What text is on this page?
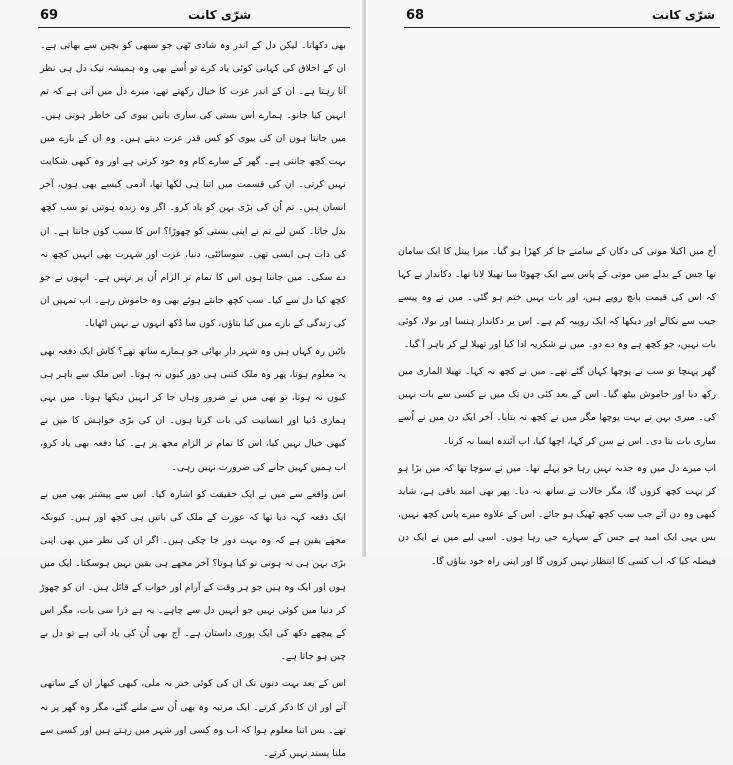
69	شرّی کانت

بھی دکھاتا۔ لیکن دل کے اندر وہ شادی ٹھی جو سبھی کو بچپن سے بھاتی ہے۔ ان کے اخلاق کی کہانی کوئی یاد کرے تو اُسے بھی وہ ہمیشہ نیک دل ہی نظر آتا رہتا ہے۔ ان کے اندر عزت کا خیال رکھتے تھے، میرے دل میں آتی ہے کہ تم انہیں کیا جانو۔ ہمارے اس بستی کی ساری باتیں بیوی کی خاطر ہوتی ہیں۔ میں جانتا ہوں ان کی بیوی کو کس قدر عزت دیتے ہیں۔ وہ ان کے بارے میں بہت کچھ جانتی ہے۔ گھر کے سارے کام وہ خود کرتی ہے اور وہ کبھی شکایت نہیں کرتی۔ ان کی قسمت میں اتنا ہی لکھا تھا، آدمی کیسے بھی ہوں، آخر انسان ہیں۔ تم اُن کی بڑی بہن کو یاد کرو۔ اگر وہ زندہ ہوتیں تو سب کچھ بدل جاتا۔ کس لیے تم نے اپنی بستی کو چھوڑا؟ اس کا سبب کون جانتا ہے۔ ان کی ذات ہی ایسی تھی۔ سوسائٹی، دنیا، عزت اور شہرت بھی انہیں کچھ نہ دے سکی۔ میں جانتا ہوں اس کا تمام تر الزام اُن پر نہیں ہے۔ انہوں نے جو کچھ کیا دل سے کیا۔ سب کچھ جانتے ہوئے بھی وہ خاموش رہے۔ اب تمہیں ان کی زندگی کے بارے میں کیا بتاؤں، کون سا دُکھ انہوں نے نہیں اٹھایا۔

بائیں رہ کہاں ہیں وہ شہر دار بھائی جو ہمارے ساتھ تھے؟ کاش ایک دفعہ بھی یہ معلوم ہوتا، پھر وہ ملک کتنی ہی دور کیوں نہ ہوتا۔ اس ملک سے باہر ہی کیوں نہ ہوتا، تو بھی میں نے ضرور وہاں جا کر انہیں دیکھا ہوتا۔ میں یہی ہماری دُنیا اور انسانیت کی بات کرتا ہوں۔ ان کی بڑی خواہش کا میں نے کبھی خیال نہیں کیا، اس کا تمام تر الزام مجھ پر ہے۔ کیا دفعہ بھی یاد کرو، اب ہمیں کہیں جانے کی ضرورت نہیں رہی۔

اس واقعے سے میں نے ایک حقیقت کو اشارہ کیا۔ اس سے پیشتر بھی میں نے ایک دفعہ کہہ دیا تھا کہ عورت کے ملک کی باتیں ہی کچھ اور ہیں۔ کیونکہ مجھے یقین ہے کہ وہ بہت دور جا چکی ہیں۔ اگر ان کی نظر میں بھی اپنی بڑی بہن ہی نہ ہوتی تو کیا ہوتا؟ آخر مجھے ہی یقین نہیں ہوسکتا۔ ایک میں ہوں اور ایک وہ ہیں جو ہر وقت کے آرام اور خواب کے قائل ہیں۔ ان کو چھوڑ کر دنیا میں کوئی نہیں جو انہیں دل سے چاہے۔ یہ ہے ذرا سی بات، مگر اس کے پیچھے دکھ کی ایک پوری داستان ہے۔ آج بھی اُن کی یاد آتی ہے تو دل بے چین ہو جاتا ہے۔

اس کے بعد بہت دنوں تک ان کی کوئی خبر نہ ملی، کبھی کبھار ان کے ساتھی آتے اور ان کا ذکر کرتے۔ ایک مرتبہ وہ بھی اُن سے ملنے گئے، مگر وہ گھر پر نہ تھے۔ بس اتنا معلوم ہوا کہ اب وہ کسی اور شہر میں رہتے ہیں اور کسی سے ملنا پسند نہیں کرتے۔

68	شرّی کانت

آج میں اکیلا موتی کی دکان کے سامنے جا کر کھڑا ہو گیا۔ میرا پیتل کا ایک سامان تھا جس کے بدلے میں موتی کے پاس سے ایک چھوٹا سا تھیلا لانا تھا۔ دکاندار نے کہا کہ اس کی قیمت پانچ روپے ہیں، اور بات یہیں ختم ہو گئی۔ میں نے وہ پیسے جیب سے نکالے اور دیکھا کہ ایک روپیہ کم ہے۔ اس پر دکاندار ہنسا اور بولا، کوئی بات نہیں، جو کچھ ہے وہ دے دو۔ میں نے شکریہ ادا کیا اور تھیلا لے کر باہر آ گیا۔

گھر پہنچا تو سب نے پوچھا کہاں گئے تھے۔ میں نے کچھ نہ کہا۔ تھیلا الماری میں رکھ دیا اور خاموش بیٹھ گیا۔ اس کے بعد کئی دن تک میں نے کسی سے بات نہیں کی۔ میری بہن نے بہت پوچھا مگر میں نے کچھ نہ بتایا۔ آخر ایک دن میں نے اُسے ساری بات بتا دی۔ اس نے سن کر کہا، اچھا کیا، اب آئندہ ایسا نہ کرنا۔

اب میرے دل میں وہ جذبہ نہیں رہا جو پہلے تھا۔ میں نے سوچا تھا کہ میں بڑا ہو کر بہت کچھ کروں گا، مگر حالات نے ساتھ نہ دیا۔ پھر بھی امید باقی ہے، شاید کبھی وہ دن آئے جب سب کچھ ٹھیک ہو جائے۔ اس کے علاوہ میرے پاس کچھ نہیں، بس یہی ایک امید ہے جس کے سہارے جی رہا ہوں۔ اسی لیے میں نے ایک دن فیصلہ کیا کہ اب کسی کا انتظار نہیں کروں گا اور اپنی راہ خود بناؤں گا۔
